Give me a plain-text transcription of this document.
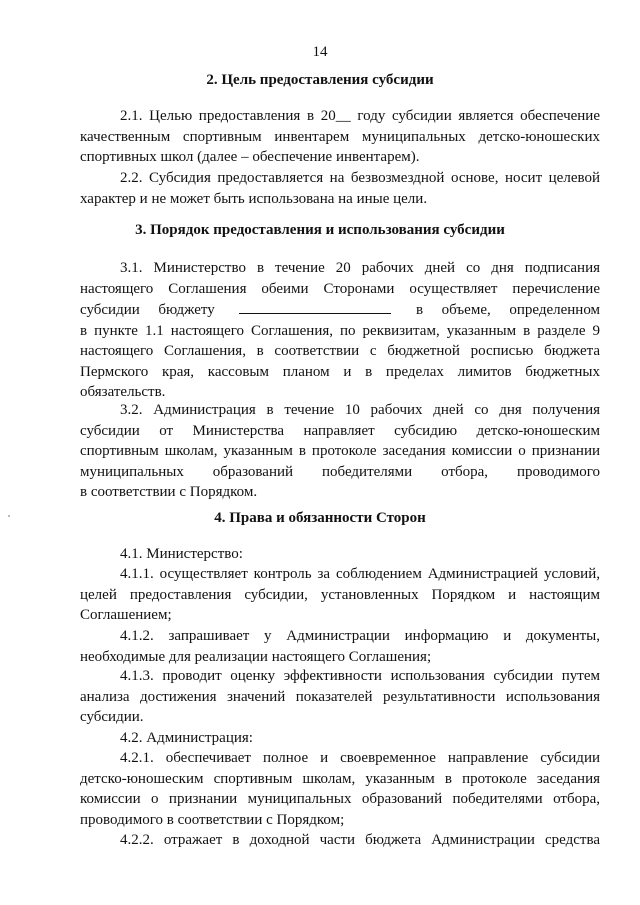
14
2. Цель предоставления субсидии
2.1. Целью предоставления в 20__ году субсидии является обеспечение
качественным спортивным инвентарем муниципальных детско-юношеских
спортивных школ (далее – обеспечение инвентарем).
2.2. Субсидия предоставляется на безвозмездной основе, носит целевой
характер и не может быть использована на иные цели.
3. Порядок предоставления и использования субсидии
3.1. Министерство в течение 20 рабочих дней со дня подписания
настоящего Соглашения обеими Сторонами осуществляет перечисление
субсидии бюджету	в объеме, определенном
в пункте 1.1 настоящего Соглашения, по реквизитам, указанным в разделе 9
настоящего Соглашения, в соответствии с бюджетной росписью бюджета
Пермского края, кассовым планом и в пределах лимитов бюджетных
обязательств.
3.2. Администрация в течение 10 рабочих дней со дня получения
субсидии от Министерства направляет субсидию детско-юношеским
спортивным школам, указанным в протоколе заседания комиссии о признании
муниципальных образований победителями отбора, проводимого
в соответствии с Порядком.
4. Права и обязанности Сторон
4.1. Министерство:
4.1.1. осуществляет контроль за соблюдением Администрацией условий,
целей предоставления субсидии, установленных Порядком и настоящим
Соглашением;
4.1.2. запрашивает у Администрации информацию и документы,
необходимые для реализации настоящего Соглашения;
4.1.3. проводит оценку эффективности использования субсидии путем
анализа достижения значений показателей результативности использования
субсидии.
4.2. Администрация:
4.2.1. обеспечивает полное и своевременное направление субсидии
детско-юношеским спортивным школам, указанным в протоколе заседания
комиссии о признании муниципальных образований победителями отбора,
проводимого в соответствии с Порядком;
4.2.2. отражает в доходной части бюджета Администрации средства
